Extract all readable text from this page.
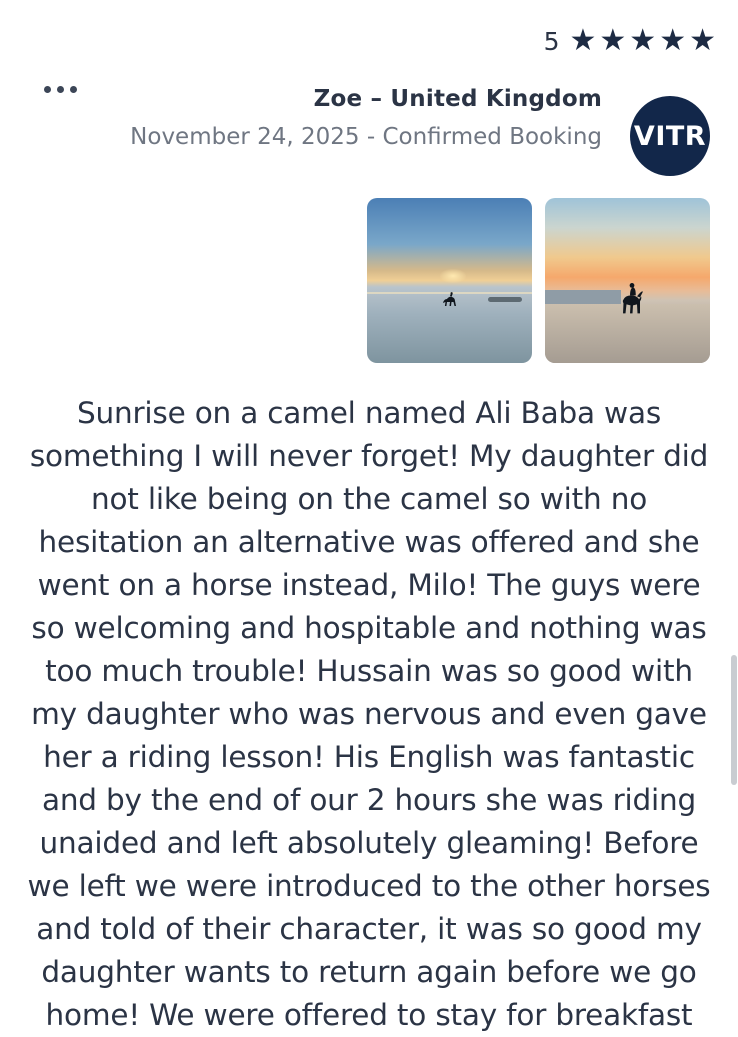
5 ★ ★ ★ ★ ★
Zoe – United Kingdom
November 24, 2025 - Confirmed Booking VITR
Sunrise on a camel named Ali Baba was something I will never forget! My daughter did not like being on the camel so with no hesitation an alternative was offered and she went on a horse instead, Milo! The guys were so welcoming and hospitable and nothing was too much trouble! Hussain was so good with my daughter who was nervous and even gave her a riding lesson! His English was fantastic and by the end of our 2 hours she was riding unaided and left absolutely gleaming! Before we left we were introduced to the other horses and told of their character, it was so good my daughter wants to return again before we go home! We were offered to stay for breakfast
